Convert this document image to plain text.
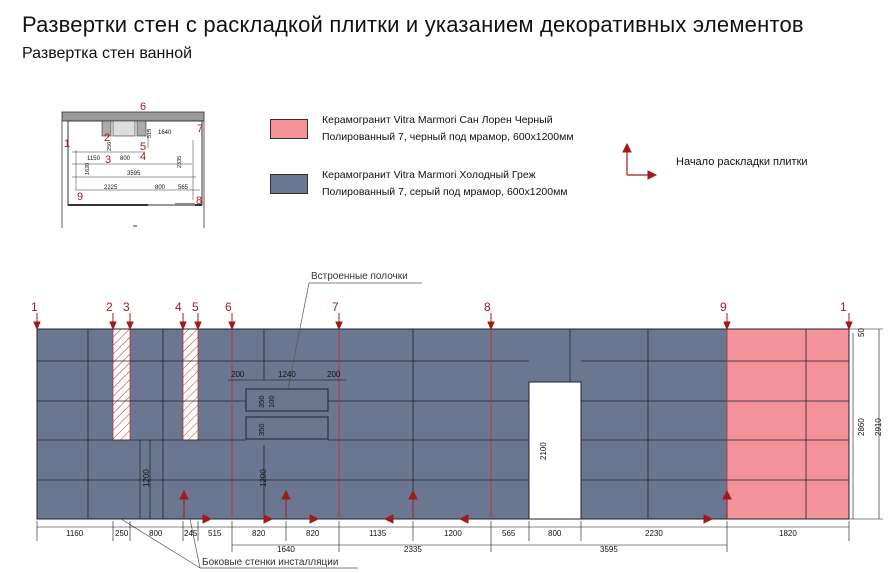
Развертки стен с раскладкой плитки и указанием декоративных элементов
Развертка стен ванной
Керамогранит Vitra Marmori Сан Лорен Черный
Полированный 7, черный под мрамор, 600х1200мм
Керамогранит Vitra Marmori Холодный Греж
Полированный 7, серый под мрамор, 600х1200мм
Начало раскладки плитки
6
7
1	2
3	4
5
8
9
515 1640
250
1150	800
3595
1620
2335
2225	800 565
1	2 3	4 5 6	7	8	9	1
Встроенные полочки
Боковые стенки инсталляции
200	1240	200
350 100
350
1200	1200
2100
2860 2910
50
1160	250	800	245 515	820	820	1135	1200	565	800	2230	1820
1640	2335	3595
